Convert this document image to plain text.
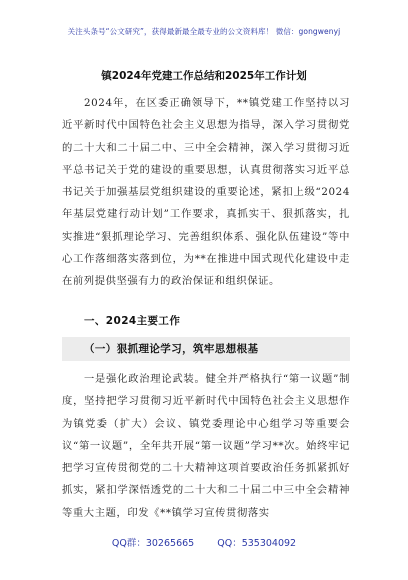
关注头条号“公文研究”，获得最新最全最专业的公文资料库！ 微信：gongwenyj
镇2024年党建工作总结和2025年工作计划
2024年，在区委正确领导下，**镇党建工作坚持以习近平新时代中国特色社会主义思想为指导，深入学习贯彻党的二十大和二十届二中、三中全会精神，深入学习贯彻习近平总书记关于党的建设的重要思想，认真贯彻落实习近平总书记关于加强基层党组织建设的重要论述，紧扣上级“2024年基层党建行动计划”工作要求，真抓实干、狠抓落实，扎实推进“狠抓理论学习、完善组织体系、强化队伍建设”等中心工作落细落实落到位，为**在推进中国式现代化建设中走在前列提供坚强有力的政治保证和组织保证。
一、2024主要工作
（一）狠抓理论学习，筑牢思想根基
一是强化政治理论武装。健全并严格执行“第一议题”制度，坚持把学习贯彻习近平新时代中国特色社会主义思想作为镇党委（扩大）会议、镇党委理论中心组学习等重要会议“第一议题”，全年共开展“第一议题”学习**次。始终牢记把学习宣传贯彻党的二十大精神这项首要政治任务抓紧抓好抓实，紧扣学深悟透党的二十大和二十届二中三中全会精神等重大主题，印发《**镇学习宣传贯彻落实
QQ群：30265665 QQ：535304092
